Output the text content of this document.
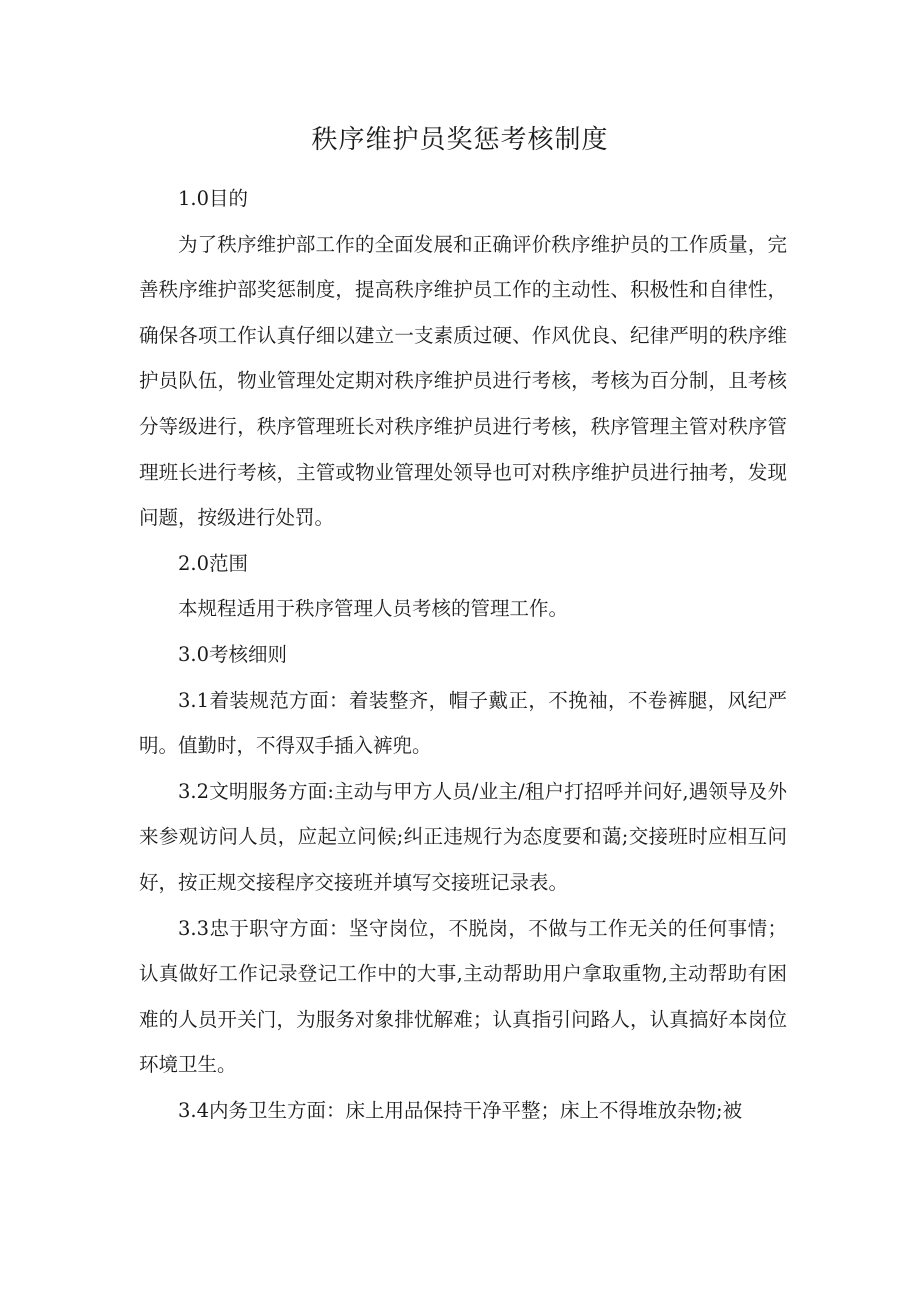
秩序维护员奖惩考核制度

1.0目的

为了秩序维护部工作的全面发展和正确评价秩序维护员的工作质量，完善秩序维护部奖惩制度，提高秩序维护员工作的主动性、积极性和自律性，确保各项工作认真仔细以建立一支素质过硬、作风优良、纪律严明的秩序维护员队伍，物业管理处定期对秩序维护员进行考核，考核为百分制，且考核分等级进行，秩序管理班长对秩序维护员进行考核，秩序管理主管对秩序管理班长进行考核，主管或物业管理处领导也可对秩序维护员进行抽考，发现问题，按级进行处罚。

2.0范围

本规程适用于秩序管理人员考核的管理工作。

3.0考核细则

3.1着装规范方面：着装整齐，帽子戴正，不挽袖，不卷裤腿，风纪严明。值勤时，不得双手插入裤兜。

3.2文明服务方面:主动与甲方人员/业主/租户打招呼并问好,遇领导及外来参观访问人员，应起立问候;纠正违规行为态度要和蔼;交接班时应相互问好，按正规交接程序交接班并填写交接班记录表。

3.3忠于职守方面：坚守岗位，不脱岗，不做与工作无关的任何事情；认真做好工作记录登记工作中的大事,主动帮助用户拿取重物,主动帮助有困难的人员开关门，为服务对象排忧解难；认真指引问路人，认真搞好本岗位环境卫生。

3.4内务卫生方面：床上用品保持干净平整；床上不得堆放杂物;被
